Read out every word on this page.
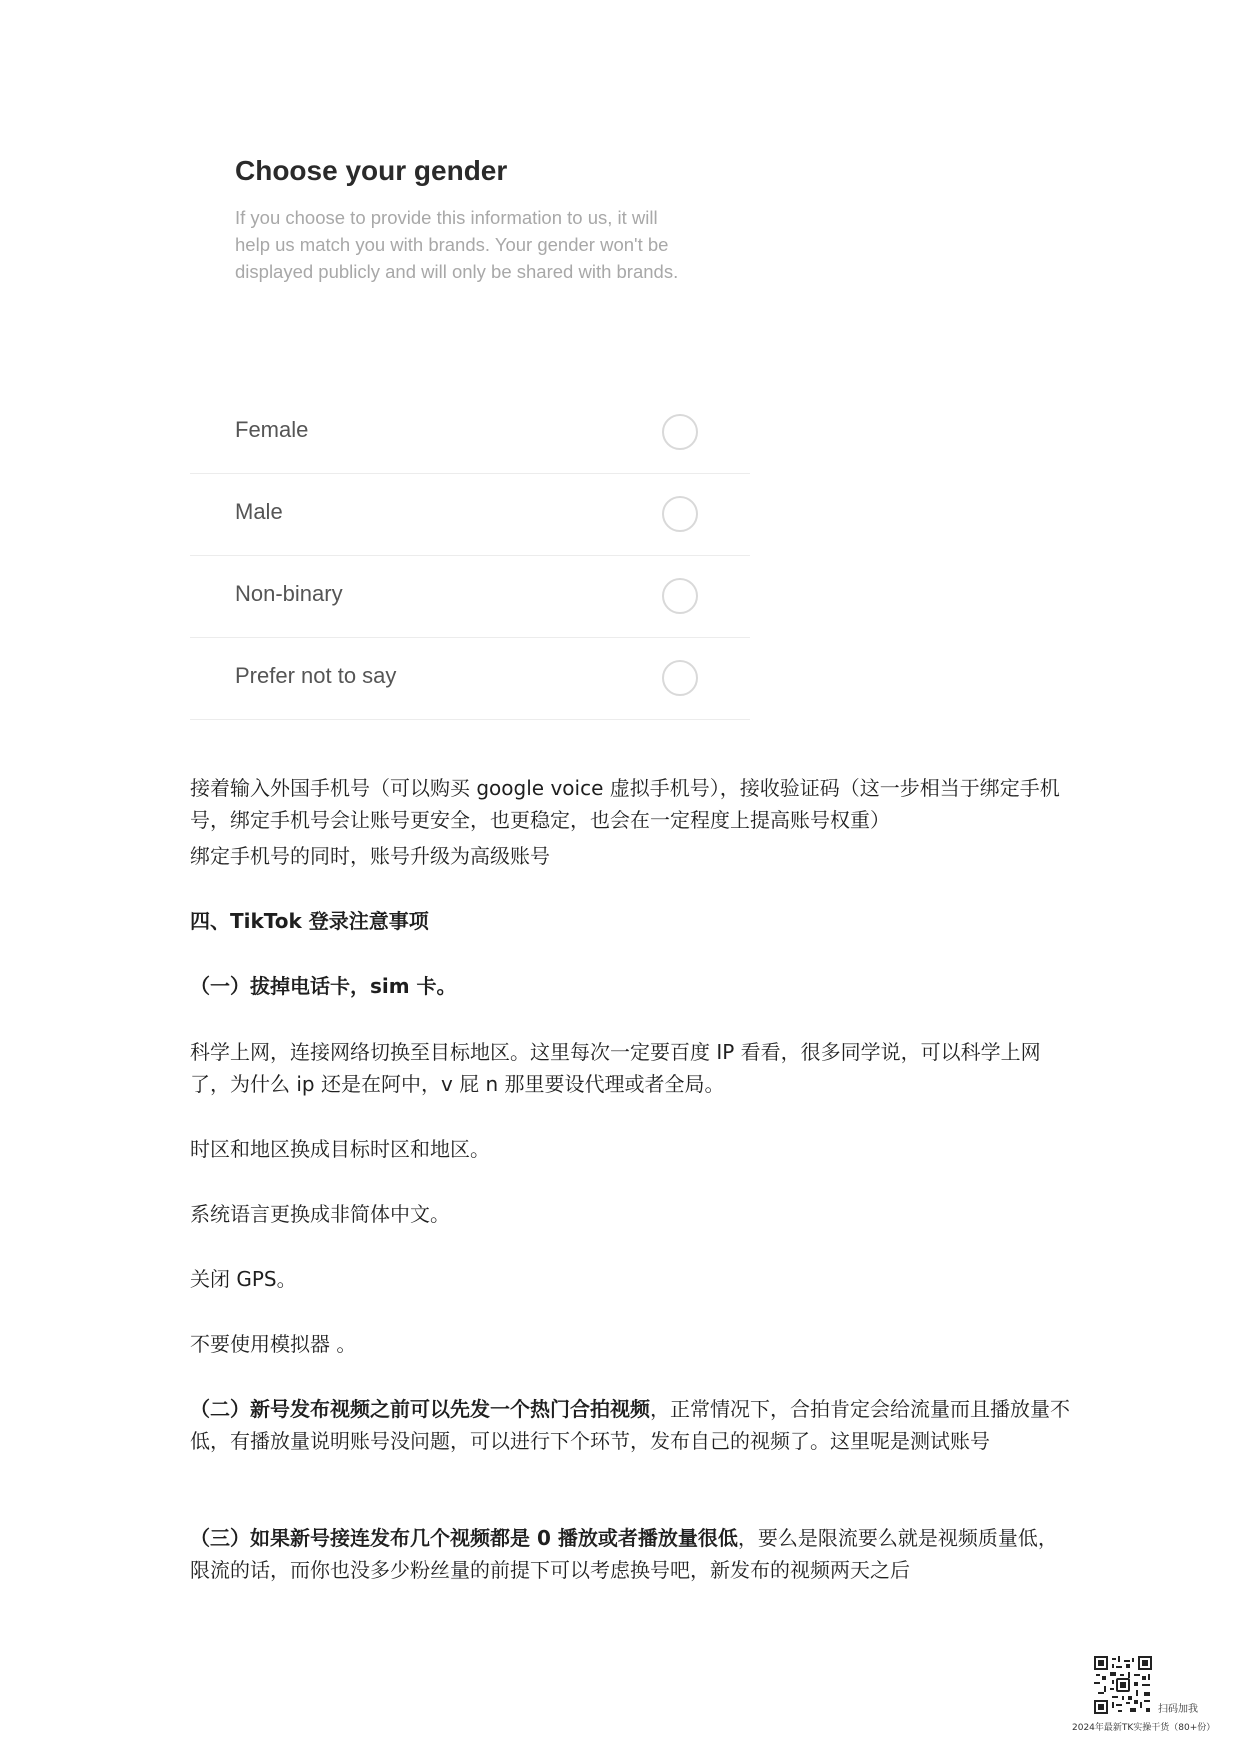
Choose your gender

If you choose to provide this information to us, it will help us match you with brands. Your gender won't be displayed publicly and will only be shared with brands.

Female
Male
Non-binary
Prefer not to say

接着输入外国手机号（可以购买 google voice 虚拟手机号），接收验证码（这一步相当于绑定手机号，绑定手机号会让账号更安全，也更稳定，也会在一定程度上提高账号权重）

绑定手机号的同时，账号升级为高级账号

四、TikTok 登录注意事项

（一）拔掉电话卡，sim 卡。

科学上网，连接网络切换至目标地区。这里每次一定要百度 IP 看看，很多同学说，可以科学上网了，为什么 ip 还是在阿中，v 屁 n 那里要设代理或者全局。

时区和地区换成目标时区和地区。

系统语言更换成非简体中文。

关闭 GPS。

不要使用模拟器 。

（二）新号发布视频之前可以先发一个热门合拍视频，正常情况下，合拍肯定会给流量而且播放量不低，有播放量说明账号没问题，可以进行下个环节，发布自己的视频了。这里呢是测试账号

（三）如果新号接连发布几个视频都是 0 播放或者播放量很低，要么是限流要么就是视频质量低，限流的话，而你也没多少粉丝量的前提下可以考虑换号吧，新发布的视频两天之后

扫码加我
2024年最新TK实操干货（80+份）
